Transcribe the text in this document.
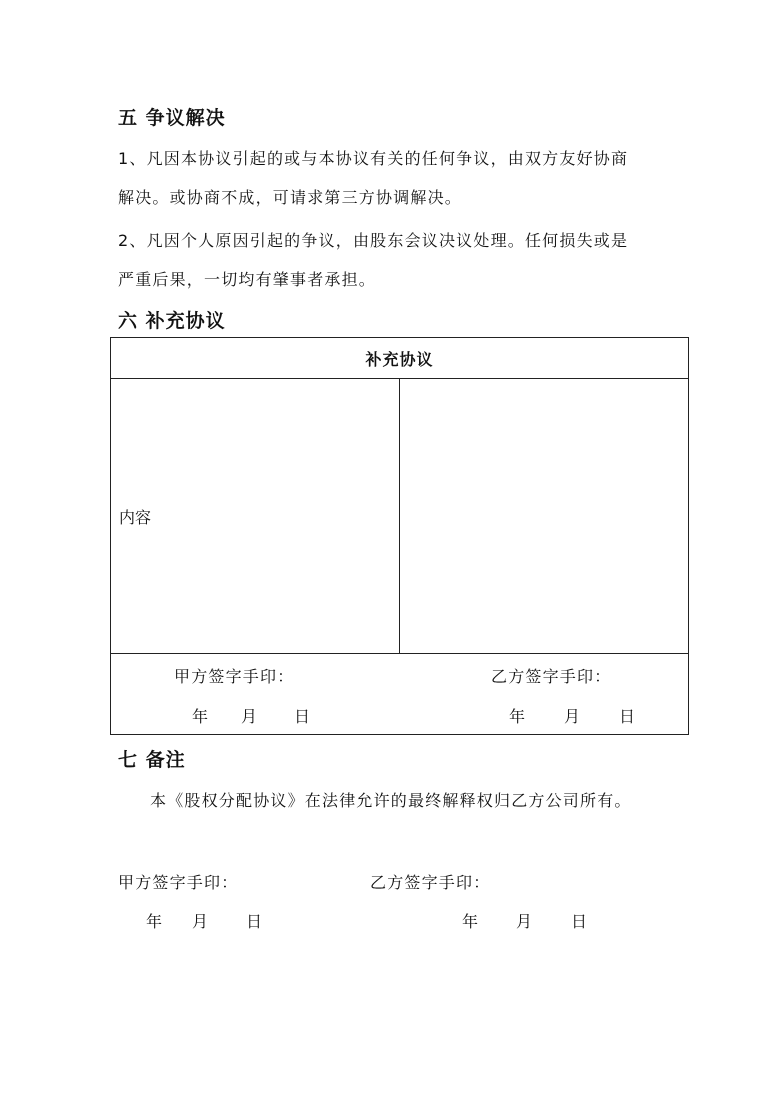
五 争议解决
1、凡因本协议引起的或与本协议有关的任何争议，由双方友好协商
解决。或协商不成，可请求第三方协调解决。
2、凡因个人原因引起的争议，由股东会议决议处理。任何损失或是
严重后果，一切均有肇事者承担。
六 补充协议
补充协议
内容	

甲方签字手印：	乙方签字手印：
年 月 日	年 月 日
七 备注
本《股权分配协议》在法律允许的最终解释权归乙方公司所有。
甲方签字手印：	乙方签字手印：
年 月 日	年 月 日
